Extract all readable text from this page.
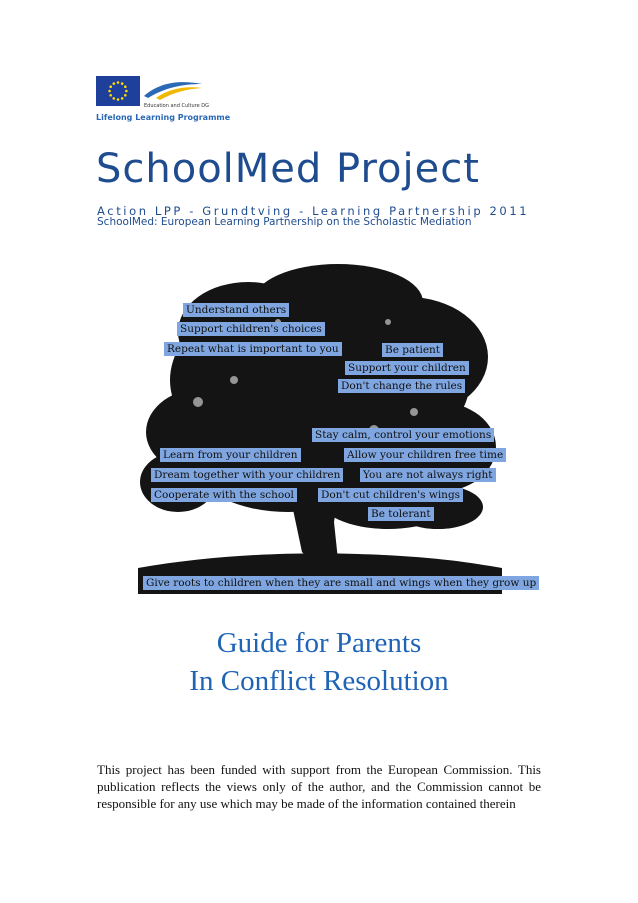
Education and Culture DG
Lifelong Learning Programme
SchoolMed Project
Action LPP - Grundtving - Learning Partnership 2011
SchoolMed: European Learning Partnership on the Scholastic Mediation
Understand others
Support children's choices
Repeat what is important to you	Be patient
Support your children
Don't change the rules
Stay calm, control your emotions
Learn from your children	Allow your children free time
Dream together with your children You are not always right
Cooperate with the school	Don't cut children's wings
Be tolerant
Give roots to children when they are small and wings when they grow up
Guide for Parents
In Conflict Resolution

This project has been funded with support from the European Commission. This publication reflects the views only of the author, and the Commission cannot be responsible for any use which may be made of the information contained therein
